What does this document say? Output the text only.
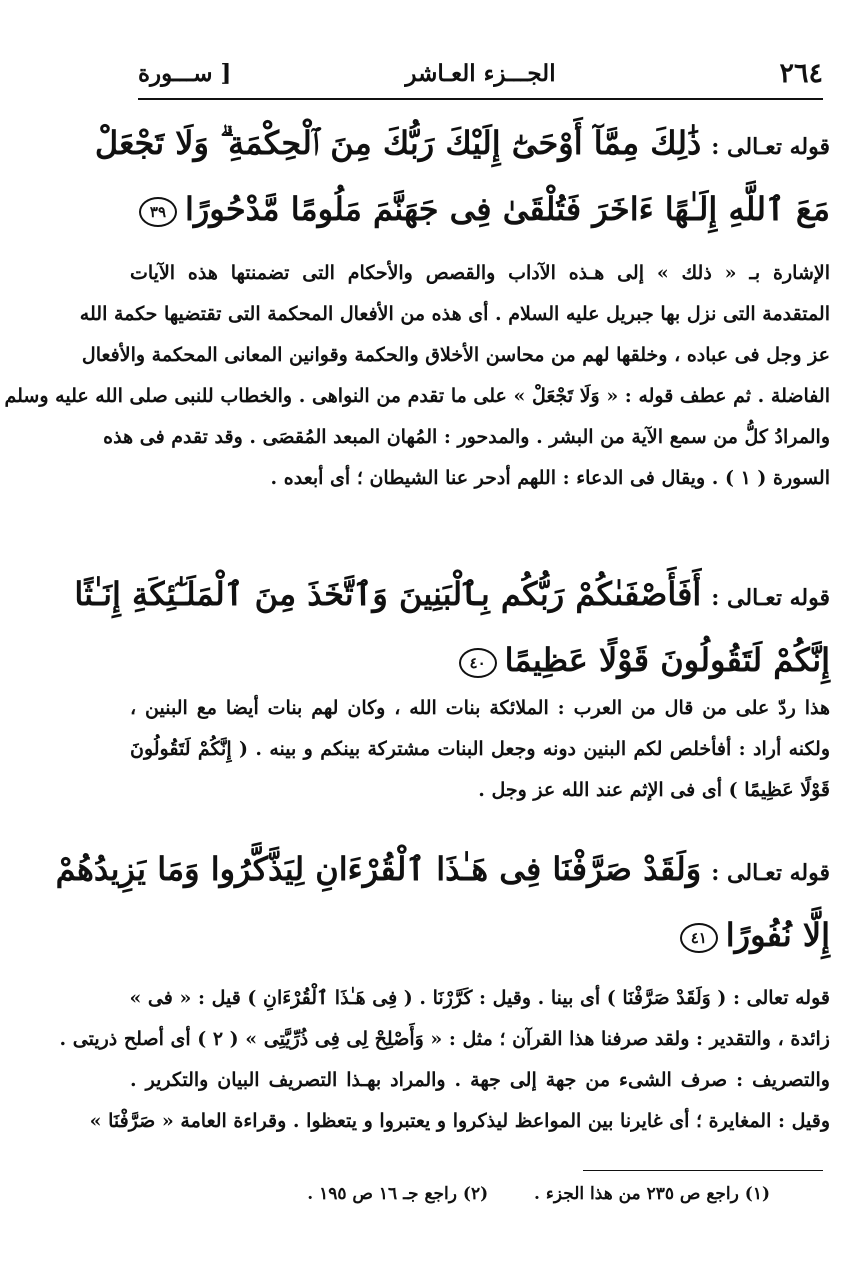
٢٦٤
الجـــزء العـاشر
[ ســـورة
قوله تعـالى :ذَٰلِكَ مِمَّآ أَوْحَىٰٓ إِلَيْكَ رَبُّكَ مِنَ ٱلْحِكْمَةِ ۗ وَلَا تَجْعَلْ
مَعَ ٱللَّهِ إِلَـٰهًا ءَاخَرَ فَتُلْقَىٰ فِى جَهَنَّمَ مَلُومًا مَّدْحُورًا٣٩

الإشارة بـ « ذلك » إلى هـذه الآداب والقصص والأحكام التى تضمنتها هذه الآيات

المتقدمة التى نزل بها جبريل عليه السلام . أى هذه من الأفعال المحكمة التى تقتضيها حكمة الله

عز وجل فى عباده ، وخلقها لهم من محاسن الأخلاق والحكمة وقوانين المعانى المحكمة والأفعال

الفاضلة . ثم عطف قوله : « وَلَا تَجْعَلْ » على ما تقدم من النواهى . والخطاب للنبى صلى الله عليه وسلم

والمرادُ كلُّ من سمع الآية من البشر . والمدحور : المُهان المبعد المُقصَى . وقد تقدم فى هذه

السورة ( ١ ) . ويقال فى الدعاء : اللهم أدحر عنا الشيطان ؛ أى أبعده .

قوله تعـالى :أَفَأَصْفَىٰكُمْ رَبُّكُم بِٱلْبَنِينَ وَٱتَّخَذَ مِنَ ٱلْمَلَـٰٓئِكَةِ إِنَـٰثًا
إِنَّكُمْ لَتَقُولُونَ قَوْلًا عَظِيمًا٤٠

هذا ردّ على من قال من العرب : الملائكة بنات الله ، وكان لهم بنات أيضا مع البنين ،

ولكنه أراد : أفأخلص لكم البنين دونه وجعل البنات مشتركة بينكم و بينه . ( إِنَّكُمْ لَتَقُولُونَ

قَوْلًا عَظِيمًا ) أى فى الإثم عند الله عز وجل .

قوله تعـالى :وَلَقَدْ صَرَّفْنَا فِى هَـٰذَا ٱلْقُرْءَانِ لِيَذَّكَّرُوا وَمَا يَزِيدُهُمْ
إِلَّا نُفُورًا٤١

قوله تعالى : ( وَلَقَدْ صَرَّفْنَا ) أى بينا . وقيل : كَرَّرْنَا . ( فِى هَـٰذَا ٱلْقُرْءَانِ ) قيل : « فى »

زائدة ، والتقدير : ولقد صرفنا هذا القرآن ؛ مثل : « وَأَصْلِحْ لِى فِى ذُرِّيَّتِى » ( ٢ ) أى أصلح ذريتى .

والتصريف : صرف الشىء من جهة إلى جهة . والمراد بهـذا التصريف البيان والتكرير .

وقيل : المغايرة ؛ أى غايرنا بين المواعظ ليذكروا و يعتبروا و يتعظوا . وقراءة العامة « صَرَّفْنَا »

(١) راجع ص ٢٣٥ من هذا الجزء . (٢) راجع جـ ١٦ ص ١٩٥ .
